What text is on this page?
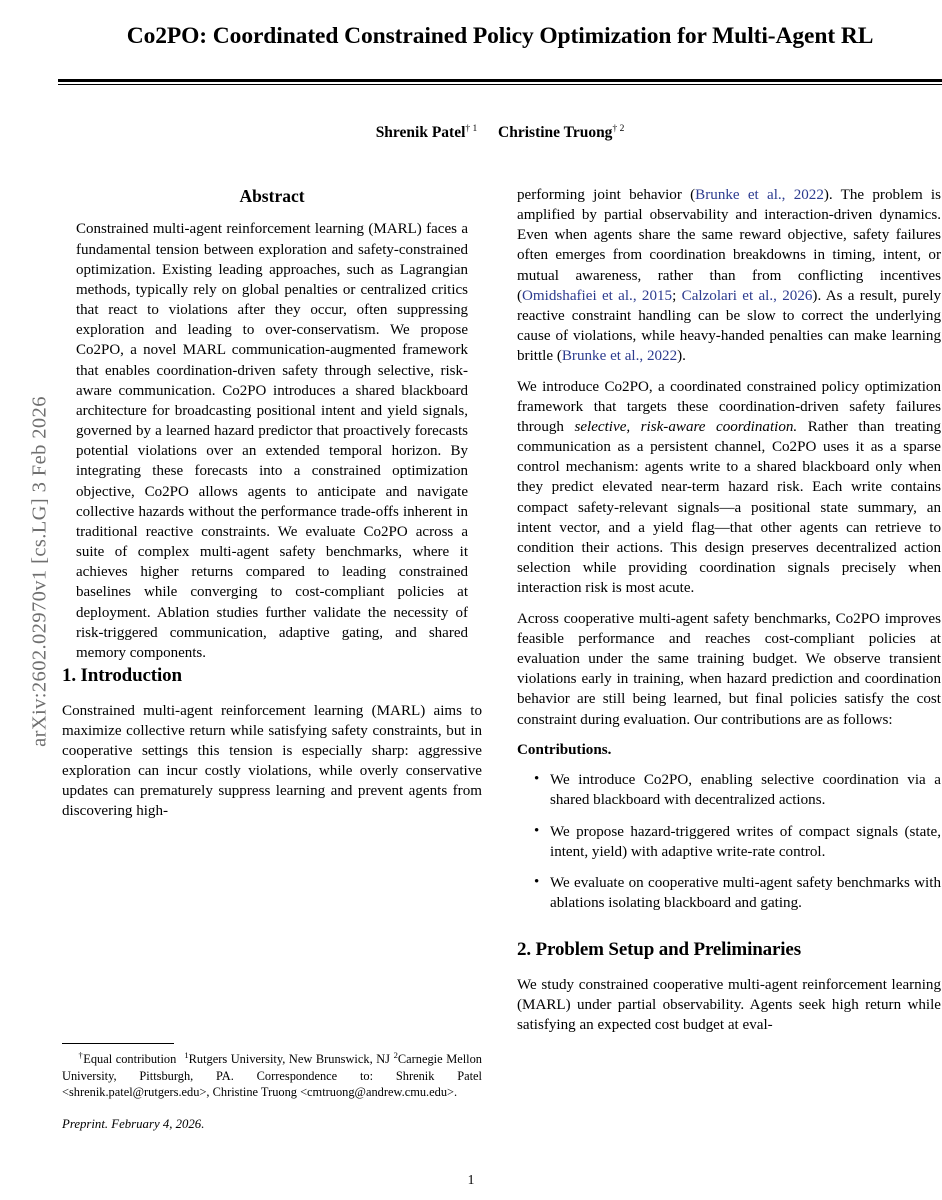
arXiv:2602.02970v1 [cs.LG] 3 Feb 2026
Co2PO: Coordinated Constrained Policy Optimization for Multi-Agent RL
Shrenik Patel$^{\dagger 1}$ Christine Truong$^{\dagger 2}$
Abstract

Constrained multi-agent reinforcement learning (MARL) faces a fundamental tension between exploration and safety-constrained optimization. Existing leading approaches, such as Lagrangian methods, typically rely on global penalties or centralized critics that react to violations after they occur, often suppressing exploration and leading to over-conservatism. We propose Co2PO, a novel MARL communication-augmented framework that enables coordination-driven safety through selective, risk-aware communication. Co2PO introduces a shared blackboard architecture for broadcasting positional intent and yield signals, governed by a learned hazard predictor that proactively forecasts potential violations over an extended temporal horizon. By integrating these forecasts into a constrained optimization objective, Co2PO allows agents to anticipate and navigate collective hazards without the performance trade-offs inherent in traditional reactive constraints. We evaluate Co2PO across a suite of complex multi-agent safety benchmarks, where it achieves higher returns compared to leading constrained baselines while converging to cost-compliant policies at deployment. Ablation studies further validate the necessity of risk-triggered communication, adaptive gating, and shared memory components.

1. Introduction

Constrained multi-agent reinforcement learning (MARL) aims to maximize collective return while satisfying safety constraints, but in cooperative settings this tension is especially sharp: aggressive exploration can incur costly violations, while overly conservative updates can prematurely suppress learning and prevent agents from discovering high-

performing joint behavior (Brunke et al., 2022). The problem is amplified by partial observability and interaction-driven dynamics. Even when agents share the same reward objective, safety failures often emerges from coordination breakdowns in timing, intent, or mutual awareness, rather than from conflicting incentives (Omidshafiei et al., 2015; Calzolari et al., 2026). As a result, purely reactive constraint handling can be slow to correct the underlying cause of violations, while heavy-handed penalties can make learning brittle (Brunke et al., 2022).

We introduce Co2PO, a coordinated constrained policy optimization framework that targets these coordination-driven safety failures through selective, risk-aware coordination. Rather than treating communication as a persistent channel, Co2PO uses it as a sparse control mechanism: agents write to a shared blackboard only when they predict elevated near-term hazard risk. Each write contains compact safety-relevant signals—a positional state summary, an intent vector, and a yield flag—that other agents can retrieve to condition their actions. This design preserves decentralized action selection while providing coordination signals precisely when interaction risk is most acute.

Across cooperative multi-agent safety benchmarks, Co2PO improves feasible performance and reaches cost-compliant policies at evaluation under the same training budget. We observe transient violations early in training, when hazard prediction and coordination behavior are still being learned, but final policies satisfy the cost constraint during evaluation. Our contributions are as follows:

Contributions.

• We introduce Co2PO, enabling selective coordination via a shared blackboard with decentralized actions.
• We propose hazard-triggered writes of compact signals (state, intent, yield) with adaptive write-rate control.
• We evaluate on cooperative multi-agent safety benchmarks with ablations isolating blackboard and gating.
2. Problem Setup and Preliminaries

We study constrained cooperative multi-agent reinforcement learning (MARL) under partial observability. Agents seek high return while satisfying an expected cost budget at eval-

†Equal contribution $^1$Rutgers University, New Brunswick, NJ $^2$Carnegie Mellon University, Pittsburgh, PA. Correspondence to: Shrenik Patel <shrenik.patel@rutgers.edu>, Christine Truong <cmtruong@andrew.cmu.edu>.

Preprint. February 4, 2026.

1
